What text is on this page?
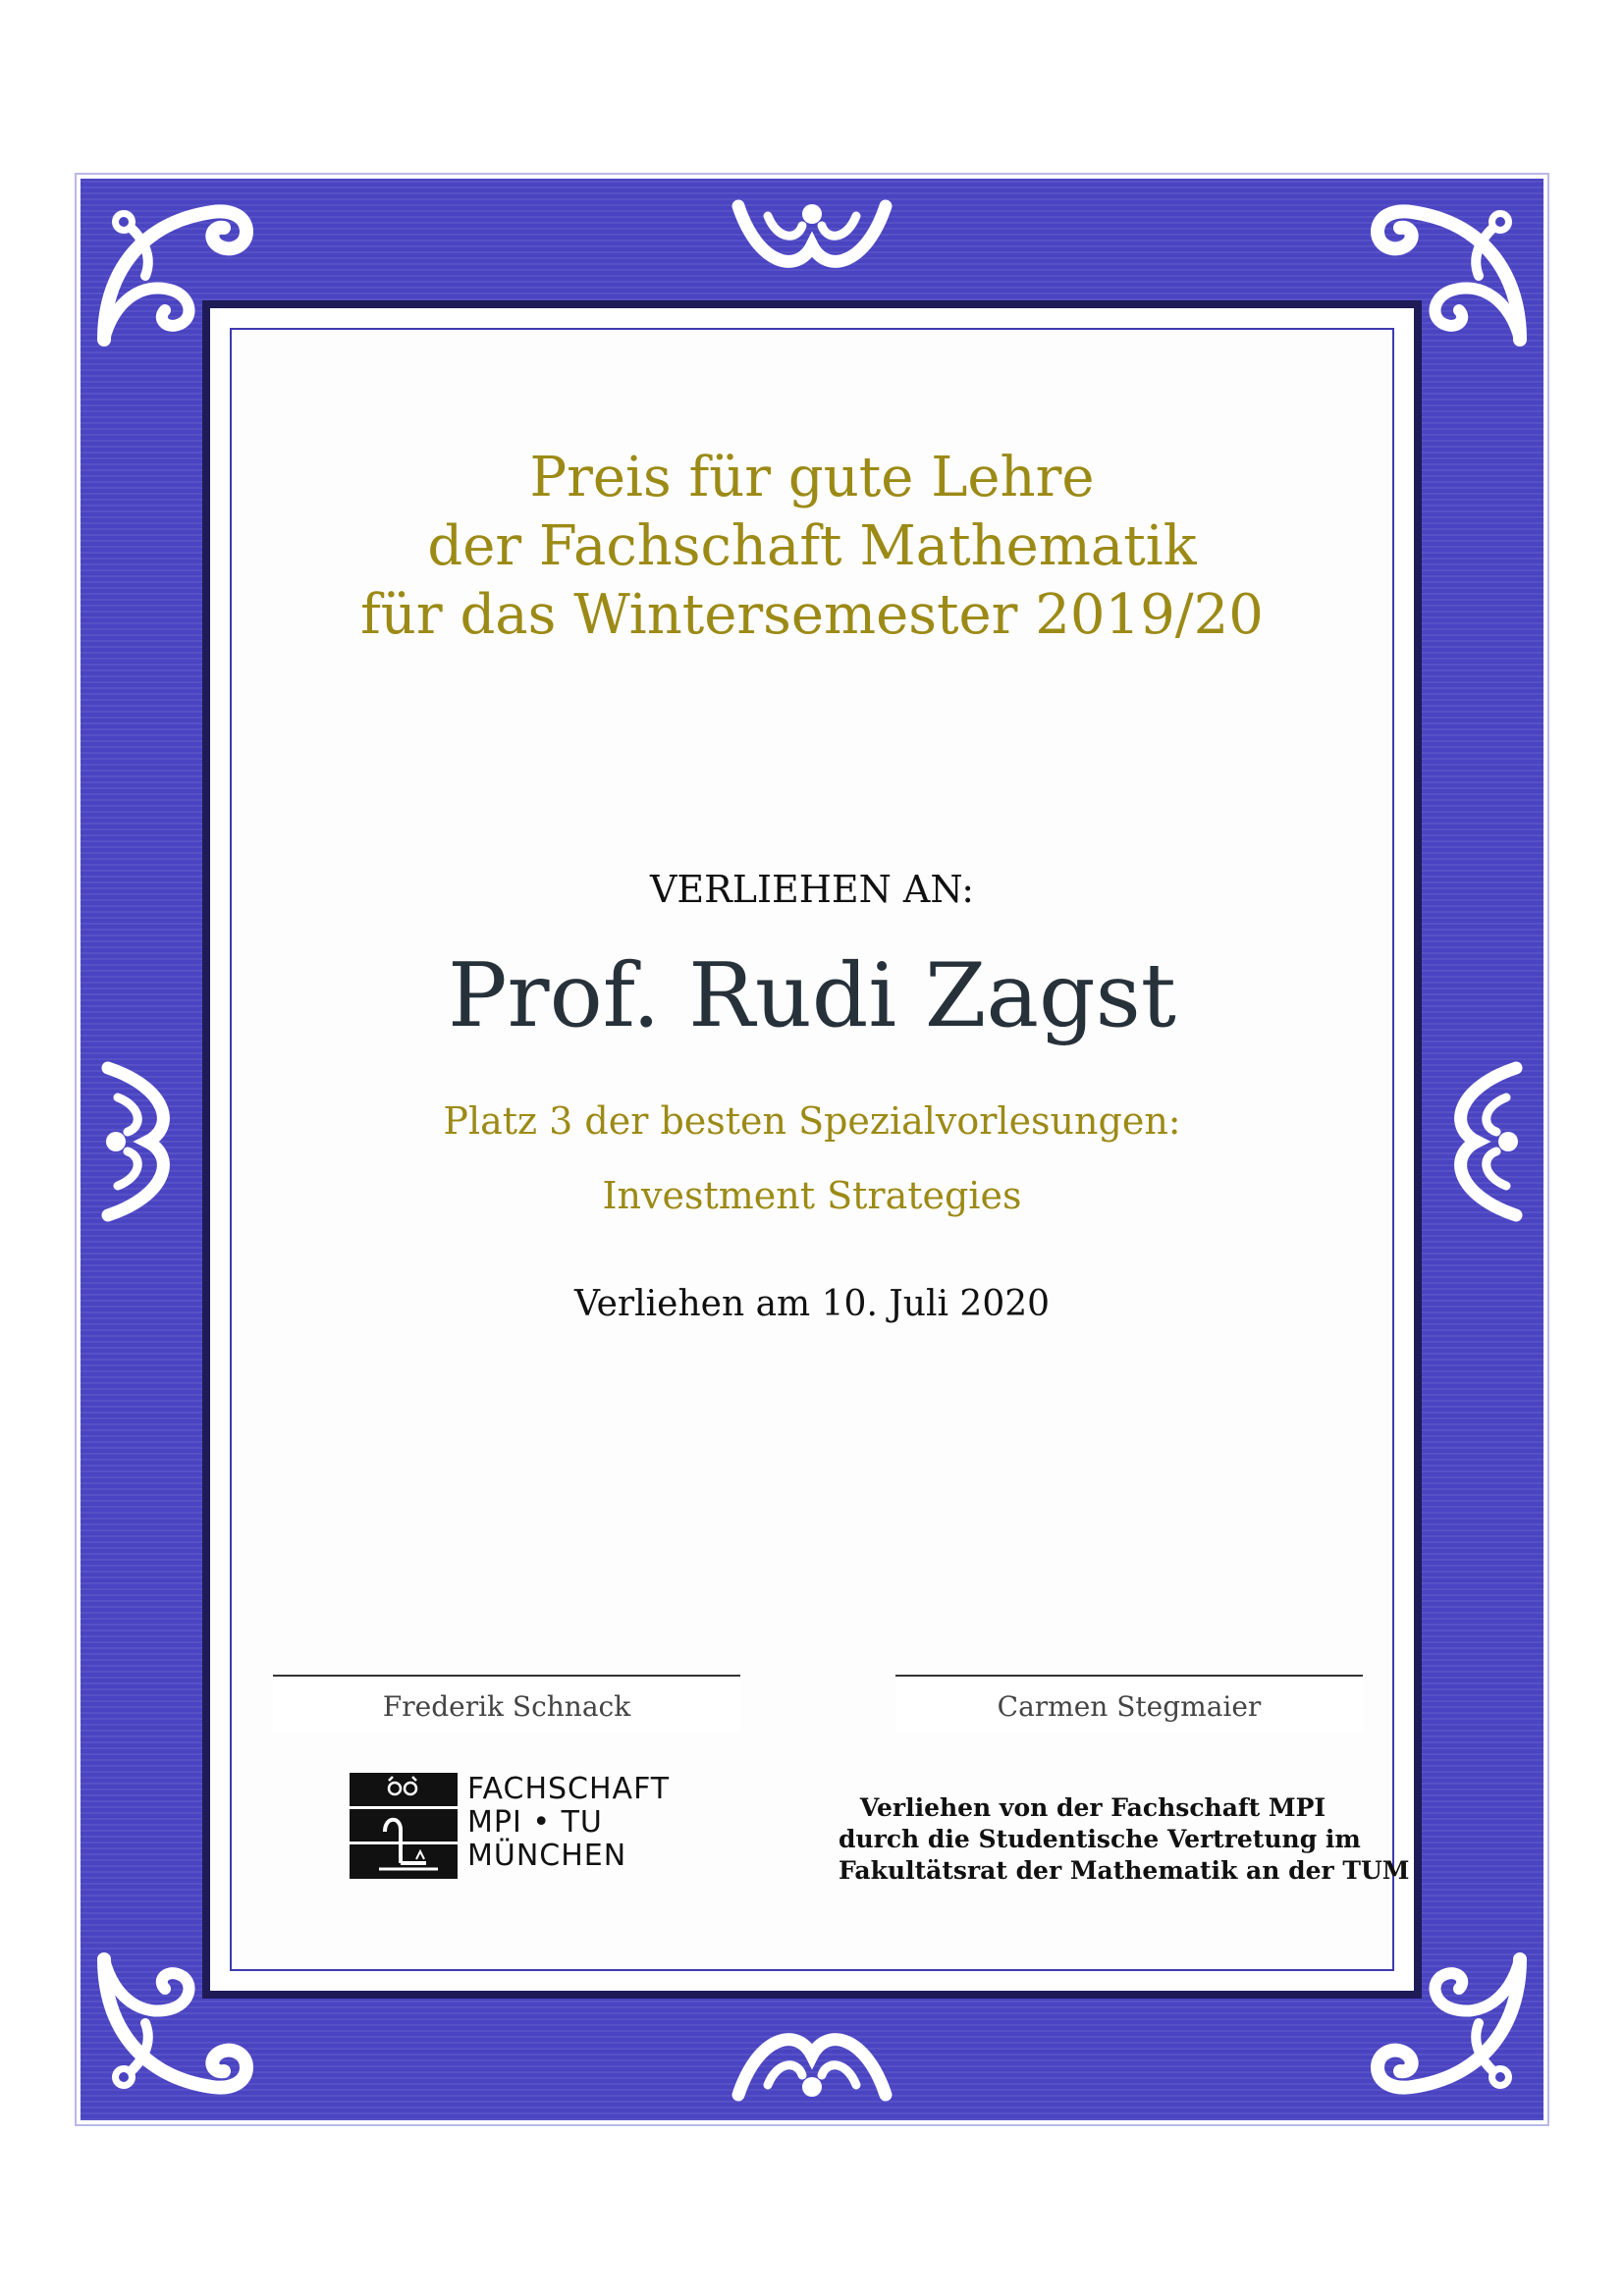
Preis für gute Lehre
der Fachschaft Mathematik
für das Wintersemester 2019/20
VERLIEHEN AN:
Prof. Rudi Zagst
Platz 3 der besten Spezialvorlesungen:
Investment Strategies
Verliehen am 10. Juli 2020
Frederik Schnack	Carmen Stegmaier
FACHSCHAFT
MPI • TU
MÜNCHEN
Verliehen von der Fachschaft MPI
durch die Studentische Vertretung im
Fakultätsrat der Mathematik an der TUM
